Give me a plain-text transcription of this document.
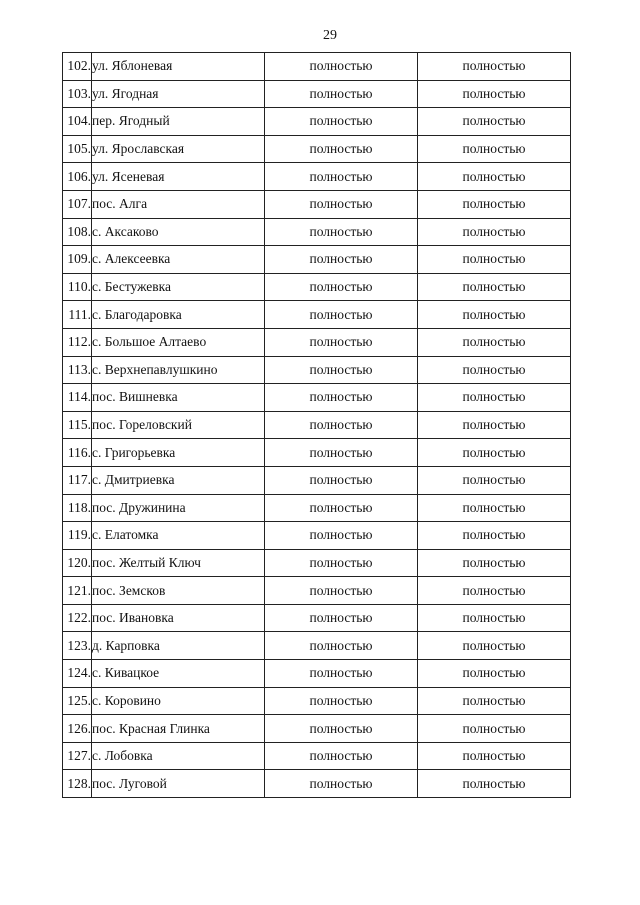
29
102.	ул. Яблоневая	полностью	полностью
103.	ул. Ягодная	полностью	полностью
104.	пер. Ягодный	полностью	полностью
105.	ул. Ярославская	полностью	полностью
106.	ул. Ясеневая	полностью	полностью
107.	пос. Алга	полностью	полностью
108.	с. Аксаково	полностью	полностью
109.	с. Алексеевка	полностью	полностью
110.	с. Бестужевка	полностью	полностью
111.	с. Благодаровка	полностью	полностью
112.	с. Большое Алтаево	полностью	полностью
113.	с. Верхнепавлушкино	полностью	полностью
114.	пос. Вишневка	полностью	полностью
115.	пос. Гореловский	полностью	полностью
116.	с. Григорьевка	полностью	полностью
117.	с. Дмитриевка	полностью	полностью
118.	пос. Дружинина	полностью	полностью
119.	с. Елатомка	полностью	полностью
120.	пос. Желтый Ключ	полностью	полностью
121.	пос. Земсков	полностью	полностью
122.	пос. Ивановка	полностью	полностью
123.	д. Карповка	полностью	полностью
124.	с. Кивацкое	полностью	полностью
125.	с. Коровино	полностью	полностью
126.	пос. Красная Глинка	полностью	полностью
127.	с. Лобовка	полностью	полностью
128.	пос. Луговой	полностью	полностью
